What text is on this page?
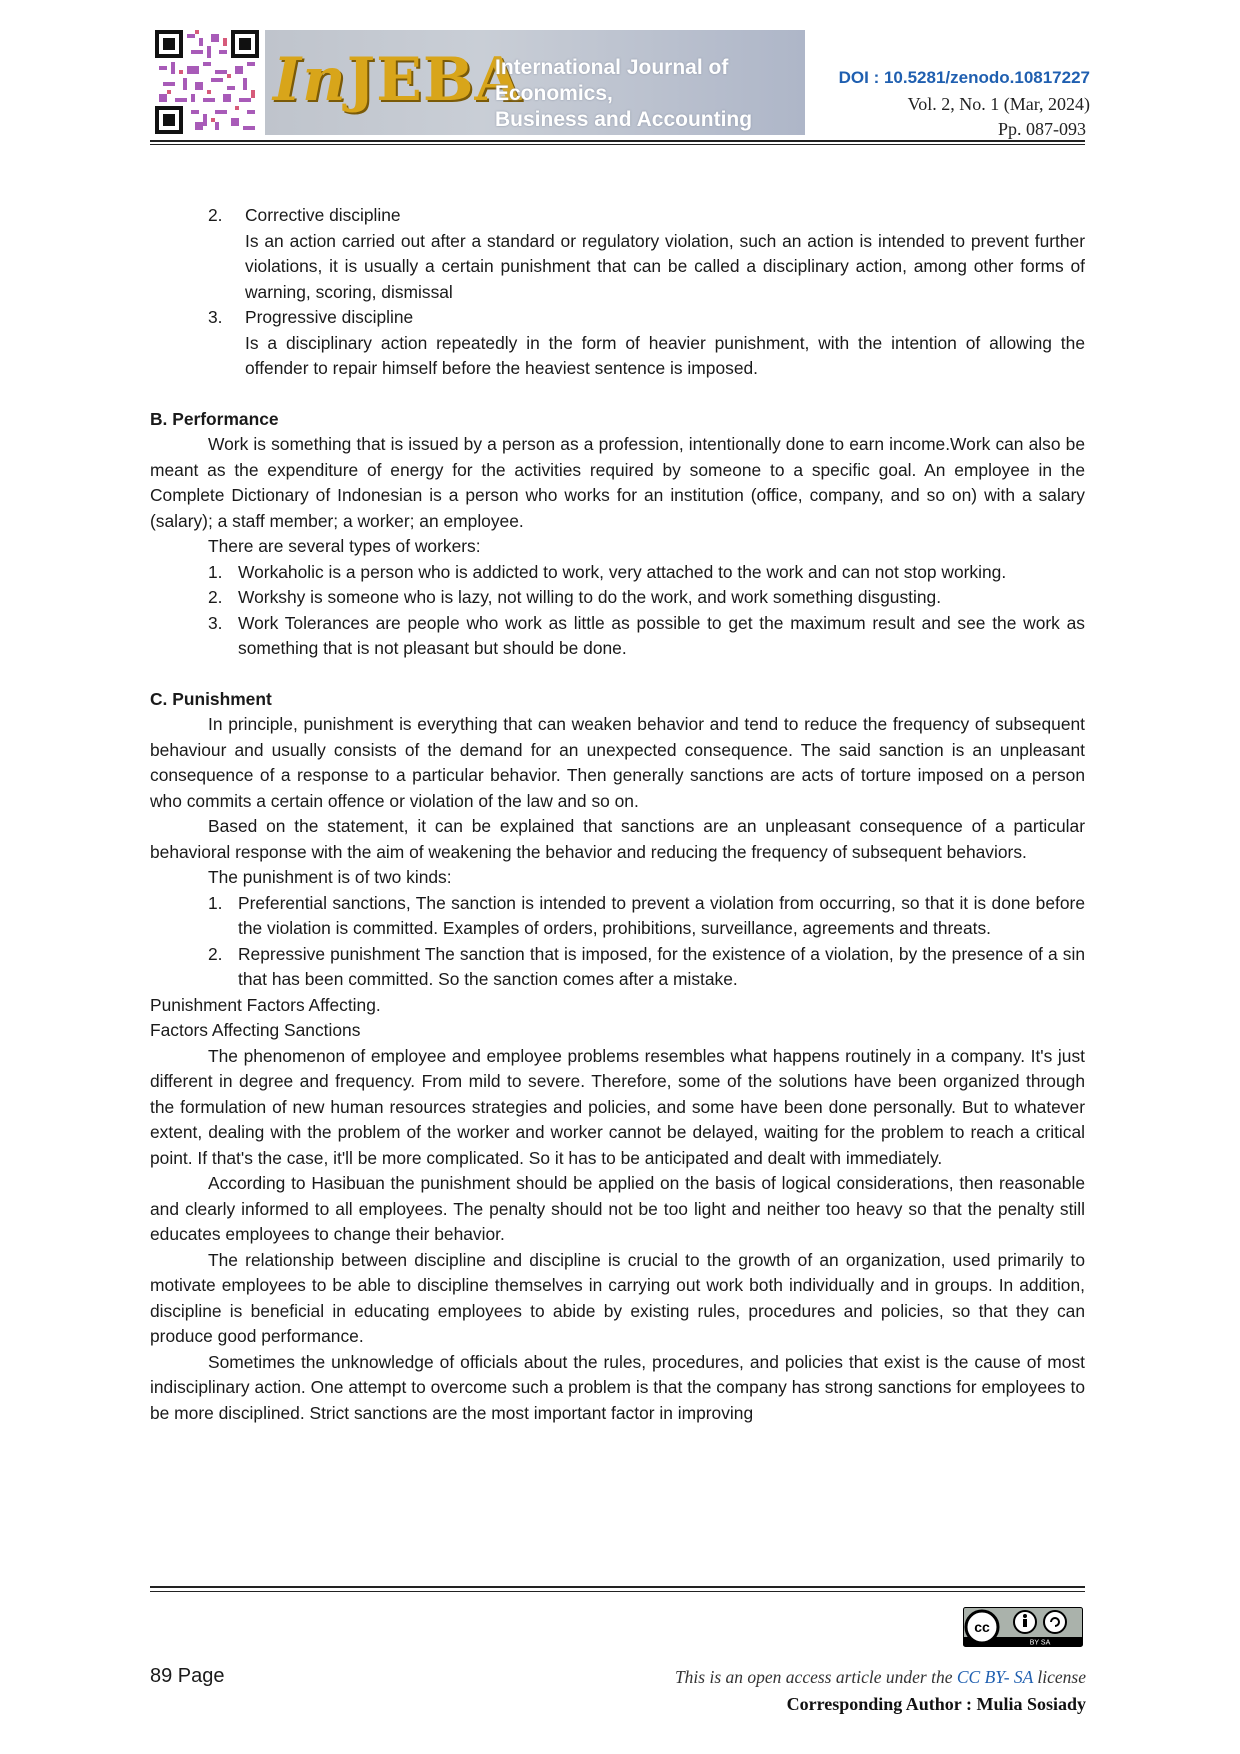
InJEBA
International Journal of Economics,
Business and Accounting
DOI : 10.5281/zenodo.10817227
Vol. 2, No. 1 (Mar, 2024)
Pp. 087-093
2. Corrective discipline
Is an action carried out after a standard or regulatory violation, such an action is intended to prevent further violations, it is usually a certain punishment that can be called a disciplinary action, among other forms of warning, scoring, dismissal
3. Progressive discipline
Is a disciplinary action repeatedly in the form of heavier punishment, with the intention of allowing the offender to repair himself before the heaviest sentence is imposed.

B. Performance

Work is something that is issued by a person as a profession, intentionally done to earn income.Work can also be meant as the expenditure of energy for the activities required by someone to a specific goal. An employee in the Complete Dictionary of Indonesian is a person who works for an institution (office, company, and so on) with a salary (salary); a staff member; a worker; an employee.

There are several types of workers:

1. Workaholic is a person who is addicted to work, very attached to the work and can not stop working.
2. Workshy is someone who is lazy, not willing to do the work, and work something disgusting.
3. Work Tolerances are people who work as little as possible to get the maximum result and see the work as something that is not pleasant but should be done.

C. Punishment

In principle, punishment is everything that can weaken behavior and tend to reduce the frequency of subsequent behaviour and usually consists of the demand for an unexpected consequence. The said sanction is an unpleasant consequence of a response to a particular behavior. Then generally sanctions are acts of torture imposed on a person who commits a certain offence or violation of the law and so on.

Based on the statement, it can be explained that sanctions are an unpleasant consequence of a particular behavioral response with the aim of weakening the behavior and reducing the frequency of subsequent behaviors.

The punishment is of two kinds:

1. Preferential sanctions, The sanction is intended to prevent a violation from occurring, so that it is done before the violation is committed. Examples of orders, prohibitions, surveillance, agreements and threats.
2. Repressive punishment The sanction that is imposed, for the existence of a violation, by the presence of a sin that has been committed. So the sanction comes after a mistake.

Punishment Factors Affecting.

Factors Affecting Sanctions

The phenomenon of employee and employee problems resembles what happens routinely in a company. It's just different in degree and frequency. From mild to severe. Therefore, some of the solutions have been organized through the formulation of new human resources strategies and policies, and some have been done personally. But to whatever extent, dealing with the problem of the worker and worker cannot be delayed, waiting for the problem to reach a critical point. If that's the case, it'll be more complicated. So it has to be anticipated and dealt with immediately.

According to Hasibuan the punishment should be applied on the basis of logical considerations, then reasonable and clearly informed to all employees. The penalty should not be too light and neither too heavy so that the penalty still educates employees to change their behavior.

The relationship between discipline and discipline is crucial to the growth of an organization, used primarily to motivate employees to be able to discipline themselves in carrying out work both individually and in groups. In addition, discipline is beneficial in educating employees to abide by existing rules, procedures and policies, so that they can produce good performance.

Sometimes the unknowledge of officials about the rules, procedures, and policies that exist is the cause of most indisciplinary action. One attempt to overcome such a problem is that the company has strong sanctions for employees to be more disciplined. Strict sanctions are the most important factor in improving

cc
BY SA
89 Page	This is an open access article under the CC BY- SA license
Corresponding Author : Mulia Sosiady
